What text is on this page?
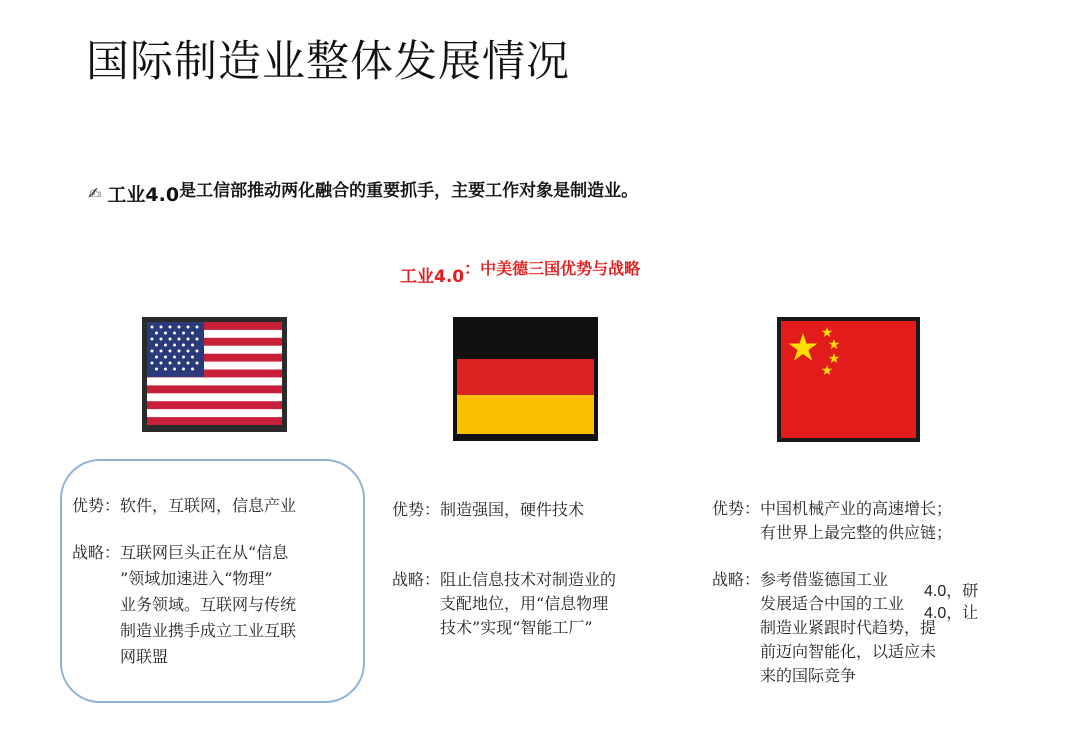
国际制造业整体发展情况
✍ 工业4.0 是工信部推动两化融合的重要抓手，主要工作对象是制造业。
工业4.0 ：中美德三国优势与战略
优势： 软件，互联网，信息产业
战略： 互联网巨头正在从“信息
”领域加速进入“物理”
业务领域。互联网与传统
制造业携手成立工业互联
网联盟
优势： 制造强国，硬件技术
战略： 阻止信息技术对制造业的
支配地位，用“信息物理
技术”实现“智能工厂”
优势： 中国机械产业的高速增长；
有世界上最完整的供应链；
战略： 参考借鉴德国工业
发展适合中国的工业
制造业紧跟时代趋势，提
前迈向智能化，以适应未
来的国际竞争
4.0，研
4.0，让
